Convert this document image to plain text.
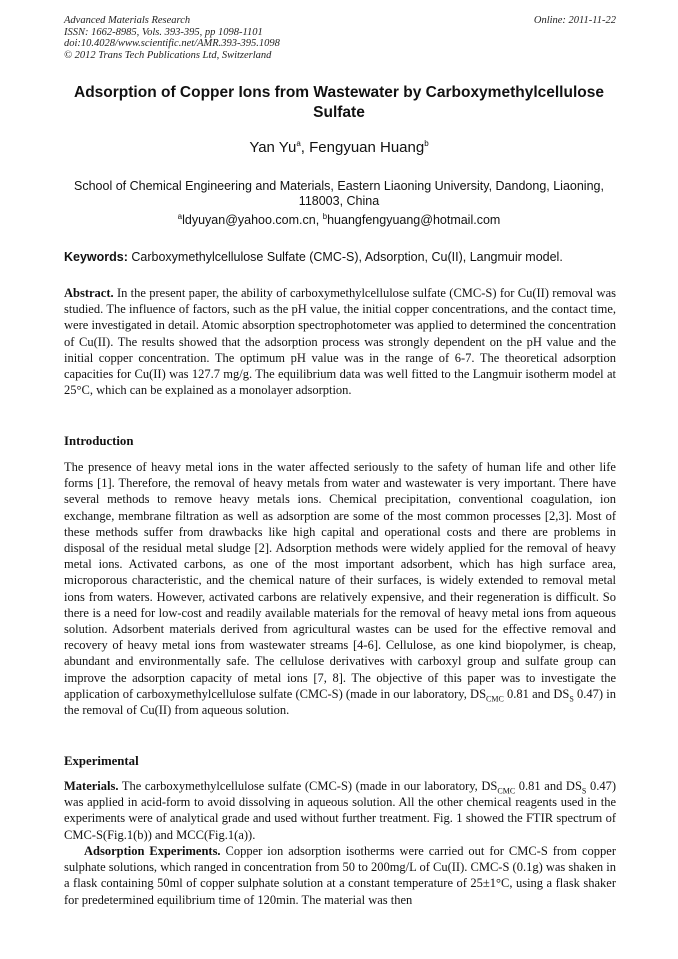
Advanced Materials Research
ISSN: 1662-8985, Vols. 393-395, pp 1098-1101
doi:10.4028/www.scientific.net/AMR.393-395.1098
© 2012 Trans Tech Publications Ltd, Switzerland
Online: 2011-11-22
Adsorption of Copper Ions from Wastewater by Carboxymethylcellulose Sulfate
Yan Yu$^a$, Fengyuan Huang$^b$
School of Chemical Engineering and Materials, Eastern Liaoning University, Dandong, Liaoning, 118003, China
$^a$ldyuyan@yahoo.com.cn, $^b$huangfengyuang@hotmail.com
Keywords: Carboxymethylcellulose Sulfate (CMC-S), Adsorption, Cu(II), Langmuir model.

Abstract. In the present paper, the ability of carboxymethylcellulose sulfate (CMC-S) for Cu(II) removal was studied. The influence of factors, such as the pH value, the initial copper concentrations, and the contact time, were investigated in detail. Atomic absorption spectrophotometer was applied to determined the concentration of Cu(II). The results showed that the adsorption process was strongly dependent on the pH value and the initial copper concentration. The optimum pH value was in the range of 6-7. The theoretical adsorption capacities for Cu(II) was 127.7 mg/g. The equilibrium data was well fitted to the Langmuir isotherm model at 25°C, which can be explained as a monolayer adsorption.

Introduction

The presence of heavy metal ions in the water affected seriously to the safety of human life and other life forms [1]. Therefore, the removal of heavy metals from water and wastewater is very important. There have several methods to remove heavy metals ions. Chemical precipitation, conventional coagulation, ion exchange, membrane filtration as well as adsorption are some of the most common processes [2,3]. Most of these methods suffer from drawbacks like high capital and operational costs and there are problems in disposal of the residual metal sludge [2]. Adsorption methods were widely applied for the removal of heavy metal ions. Activated carbons, as one of the most important adsorbent, which has high surface area, microporous characteristic, and the chemical nature of their surfaces, is widely extended to removal metal ions from waters. However, activated carbons are relatively expensive, and their regeneration is difficult. So there is a need for low-cost and readily available materials for the removal of heavy metal ions from aqueous solution. Adsorbent materials derived from agricultural wastes can be used for the effective removal and recovery of heavy metal ions from wastewater streams [4-6]. Cellulose, as one kind biopolymer, is cheap, abundant and environmentally safe. The cellulose derivatives with carboxyl group and sulfate group can improve the adsorption capacity of metal ions [7, 8]. The objective of this paper was to investigate the application of carboxymethylcellulose sulfate (CMC-S) (made in our laboratory, $DS_{CMC}$ 0.81 and $DS_S$ 0.47) in the removal of Cu(II) from aqueous solution.

Experimental

Materials. The carboxymethylcellulose sulfate (CMC-S) (made in our laboratory, $DS_{CMC}$ 0.81 and $DS_S$ 0.47) was applied in acid-form to avoid dissolving in aqueous solution. All the other chemical reagents used in the experiments were of analytical grade and used without further treatment. Fig. 1 showed the FTIR spectrum of CMC-S(Fig.1(b)) and MCC(Fig.1(a)).

Adsorption Experiments. Copper ion adsorption isotherms were carried out for CMC-S from copper sulphate solutions, which ranged in concentration from 50 to 200mg/L of Cu(II). CMC-S (0.1g) was shaken in a flask containing 50ml of copper sulphate solution at a constant temperature of 25±1°C, using a flask shaker for predetermined equilibrium time of 120min. The material was then
